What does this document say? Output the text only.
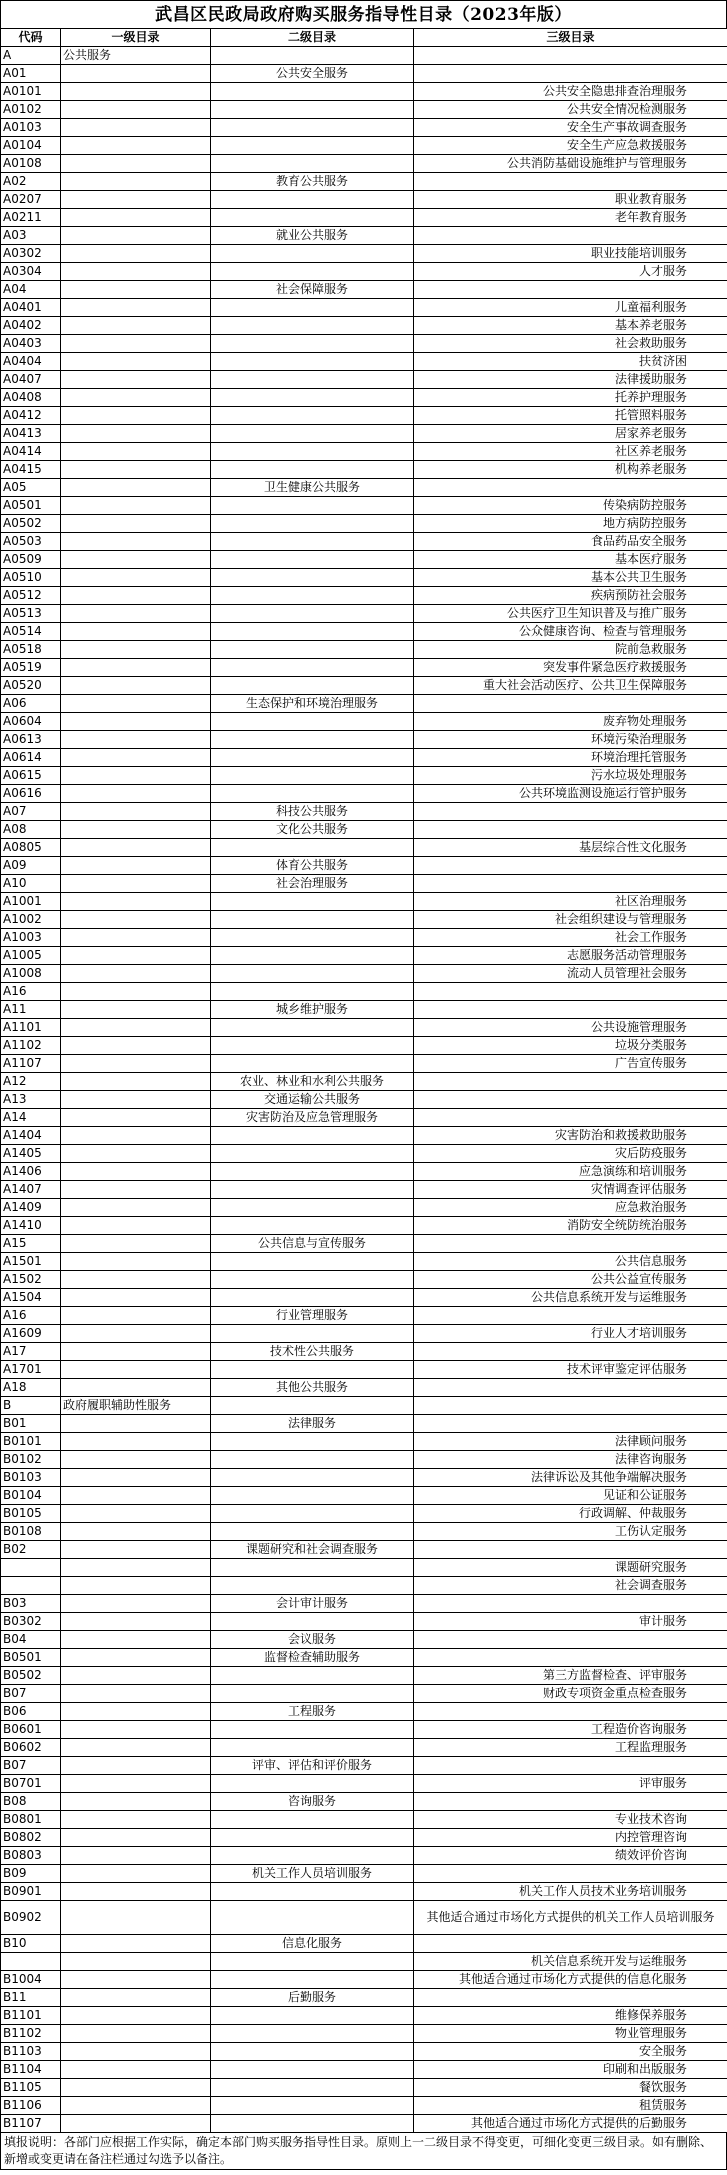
武昌区民政局政府购买服务指导性目录（2023年版）
代码	一级目录	二级目录	三级目录
A	公共服务		
A01		公共安全服务	
A0101			公共安全隐患排查治理服务
A0102			公共安全情况检测服务
A0103			安全生产事故调查服务
A0104			安全生产应急救援服务
A0108			公共消防基础设施维护与管理服务
A02		教育公共服务	
A0207			职业教育服务
A0211			老年教育服务
A03		就业公共服务	
A0302			职业技能培训服务
A0304			人才服务
A04		社会保障服务	
A0401			儿童福利服务
A0402			基本养老服务
A0403			社会救助服务
A0404			扶贫济困
A0407			法律援助服务
A0408			托养护理服务
A0412			托管照料服务
A0413			居家养老服务
A0414			社区养老服务
A0415			机构养老服务
A05		卫生健康公共服务	
A0501			传染病防控服务
A0502			地方病防控服务
A0503			食品药品安全服务
A0509			基本医疗服务
A0510			基本公共卫生服务
A0512			疾病预防社会服务
A0513			公共医疗卫生知识普及与推广服务
A0514			公众健康咨询、检查与管理服务
A0518			院前急救服务
A0519			突发事件紧急医疗救援服务
A0520			重大社会活动医疗、公共卫生保障服务
A06		生态保护和环境治理服务	
A0604			废弃物处理服务
A0613			环境污染治理服务
A0614			环境治理托管服务
A0615			污水垃圾处理服务
A0616			公共环境监测设施运行管护服务
A07		科技公共服务	
A08		文化公共服务	
A0805			基层综合性文化服务
A09		体育公共服务	
A10		社会治理服务	
A1001			社区治理服务
A1002			社会组织建设与管理服务
A1003			社会工作服务
A1005			志愿服务活动管理服务
A1008			流动人员管理社会服务
A16			
A11		城乡维护服务	
A1101			公共设施管理服务
A1102			垃圾分类服务
A1107			广告宣传服务
A12		农业、林业和水利公共服务	
A13		交通运输公共服务	
A14		灾害防治及应急管理服务	
A1404			灾害防治和救援救助服务
A1405			灾后防疫服务
A1406			应急演练和培训服务
A1407			灾情调查评估服务
A1409			应急救治服务
A1410			消防安全统防统治服务
A15		公共信息与宣传服务	
A1501			公共信息服务
A1502			公共公益宣传服务
A1504			公共信息系统开发与运维服务
A16		行业管理服务	
A1609			行业人才培训服务
A17		技术性公共服务	
A1701			技术评审鉴定评估服务
A18		其他公共服务	
B	政府履职辅助性服务		
B01		法律服务	
B0101			法律顾问服务
B0102			法律咨询服务
B0103			法律诉讼及其他争端解决服务
B0104			见证和公证服务
B0105			行政调解、仲裁服务
B0108			工伤认定服务
B02		课题研究和社会调查服务	
			课题研究服务
			社会调查服务
B03		会计审计服务	
B0302			审计服务
B04		会议服务	
B0501		监督检查辅助服务	
B0502			第三方监督检查、评审服务
B07			财政专项资金重点检查服务
B06		工程服务	
B0601			工程造价咨询服务
B0602			工程监理服务
B07		评审、评估和评价服务	
B0701			评审服务
B08		咨询服务	
B0801			专业技术咨询
B0802			内控管理咨询
B0803			绩效评价咨询
B09		机关工作人员培训服务	
B0901			机关工作人员技术业务培训服务
B0902			其他适合通过市场化方式提供的机关工作人员培训服务
B10		信息化服务	
			机关信息系统开发与运维服务
B1004			其他适合通过市场化方式提供的信息化服务
B11		后勤服务	
B1101			维修保养服务
B1102			物业管理服务
B1103			安全服务
B1104			印刷和出版服务
B1105			餐饮服务
B1106			租赁服务
B1107			其他适合通过市场化方式提供的后勤服务
填报说明：各部门应根据工作实际，确定本部门购买服务指导性目录。原则上一二级目录不得变更，可细化变更三级目录。如有删除、新增或变更请在备注栏通过勾选予以备注。
